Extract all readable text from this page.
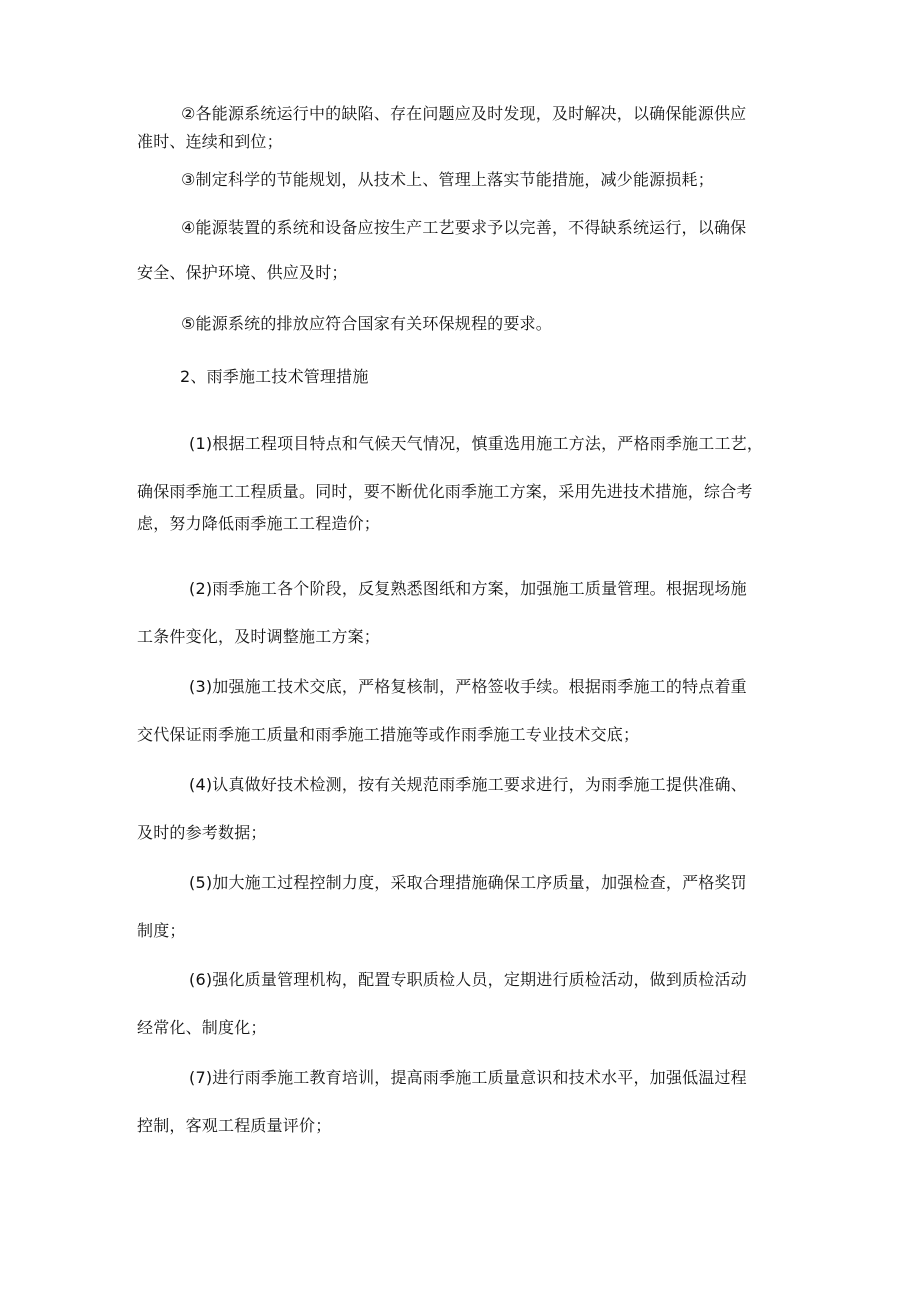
②各能源系统运行中的缺陷、存在问题应及时发现，及时解决，以确保能源供应
准时、连续和到位；
③制定科学的节能规划，从技术上、管理上落实节能措施，减少能源损耗；
④能源装置的系统和设备应按生产工艺要求予以完善，不得缺系统运行，以确保
安全、保护环境、供应及时；
⑤能源系统的排放应符合国家有关环保规程的要求。
2、雨季施工技术管理措施
(1)根据工程项目特点和气候天气情况，慎重选用施工方法，严格雨季施工工艺，
确保雨季施工工程质量。同时，要不断优化雨季施工方案，采用先进技术措施，综合考
虑，努力降低雨季施工工程造价；
(2)雨季施工各个阶段，反复熟悉图纸和方案，加强施工质量管理。根据现场施
工条件变化，及时调整施工方案；
(3)加强施工技术交底，严格复核制，严格签收手续。根据雨季施工的特点着重
交代保证雨季施工质量和雨季施工措施等或作雨季施工专业技术交底；
(4)认真做好技术检测，按有关规范雨季施工要求进行，为雨季施工提供准确、
及时的参考数据；
(5)加大施工过程控制力度，采取合理措施确保工序质量，加强检查，严格奖罚
制度；
(6)强化质量管理机构，配置专职质检人员，定期进行质检活动，做到质检活动
经常化、制度化；
(7)进行雨季施工教育培训，提高雨季施工质量意识和技术水平，加强低温过程
控制，客观工程质量评价；
